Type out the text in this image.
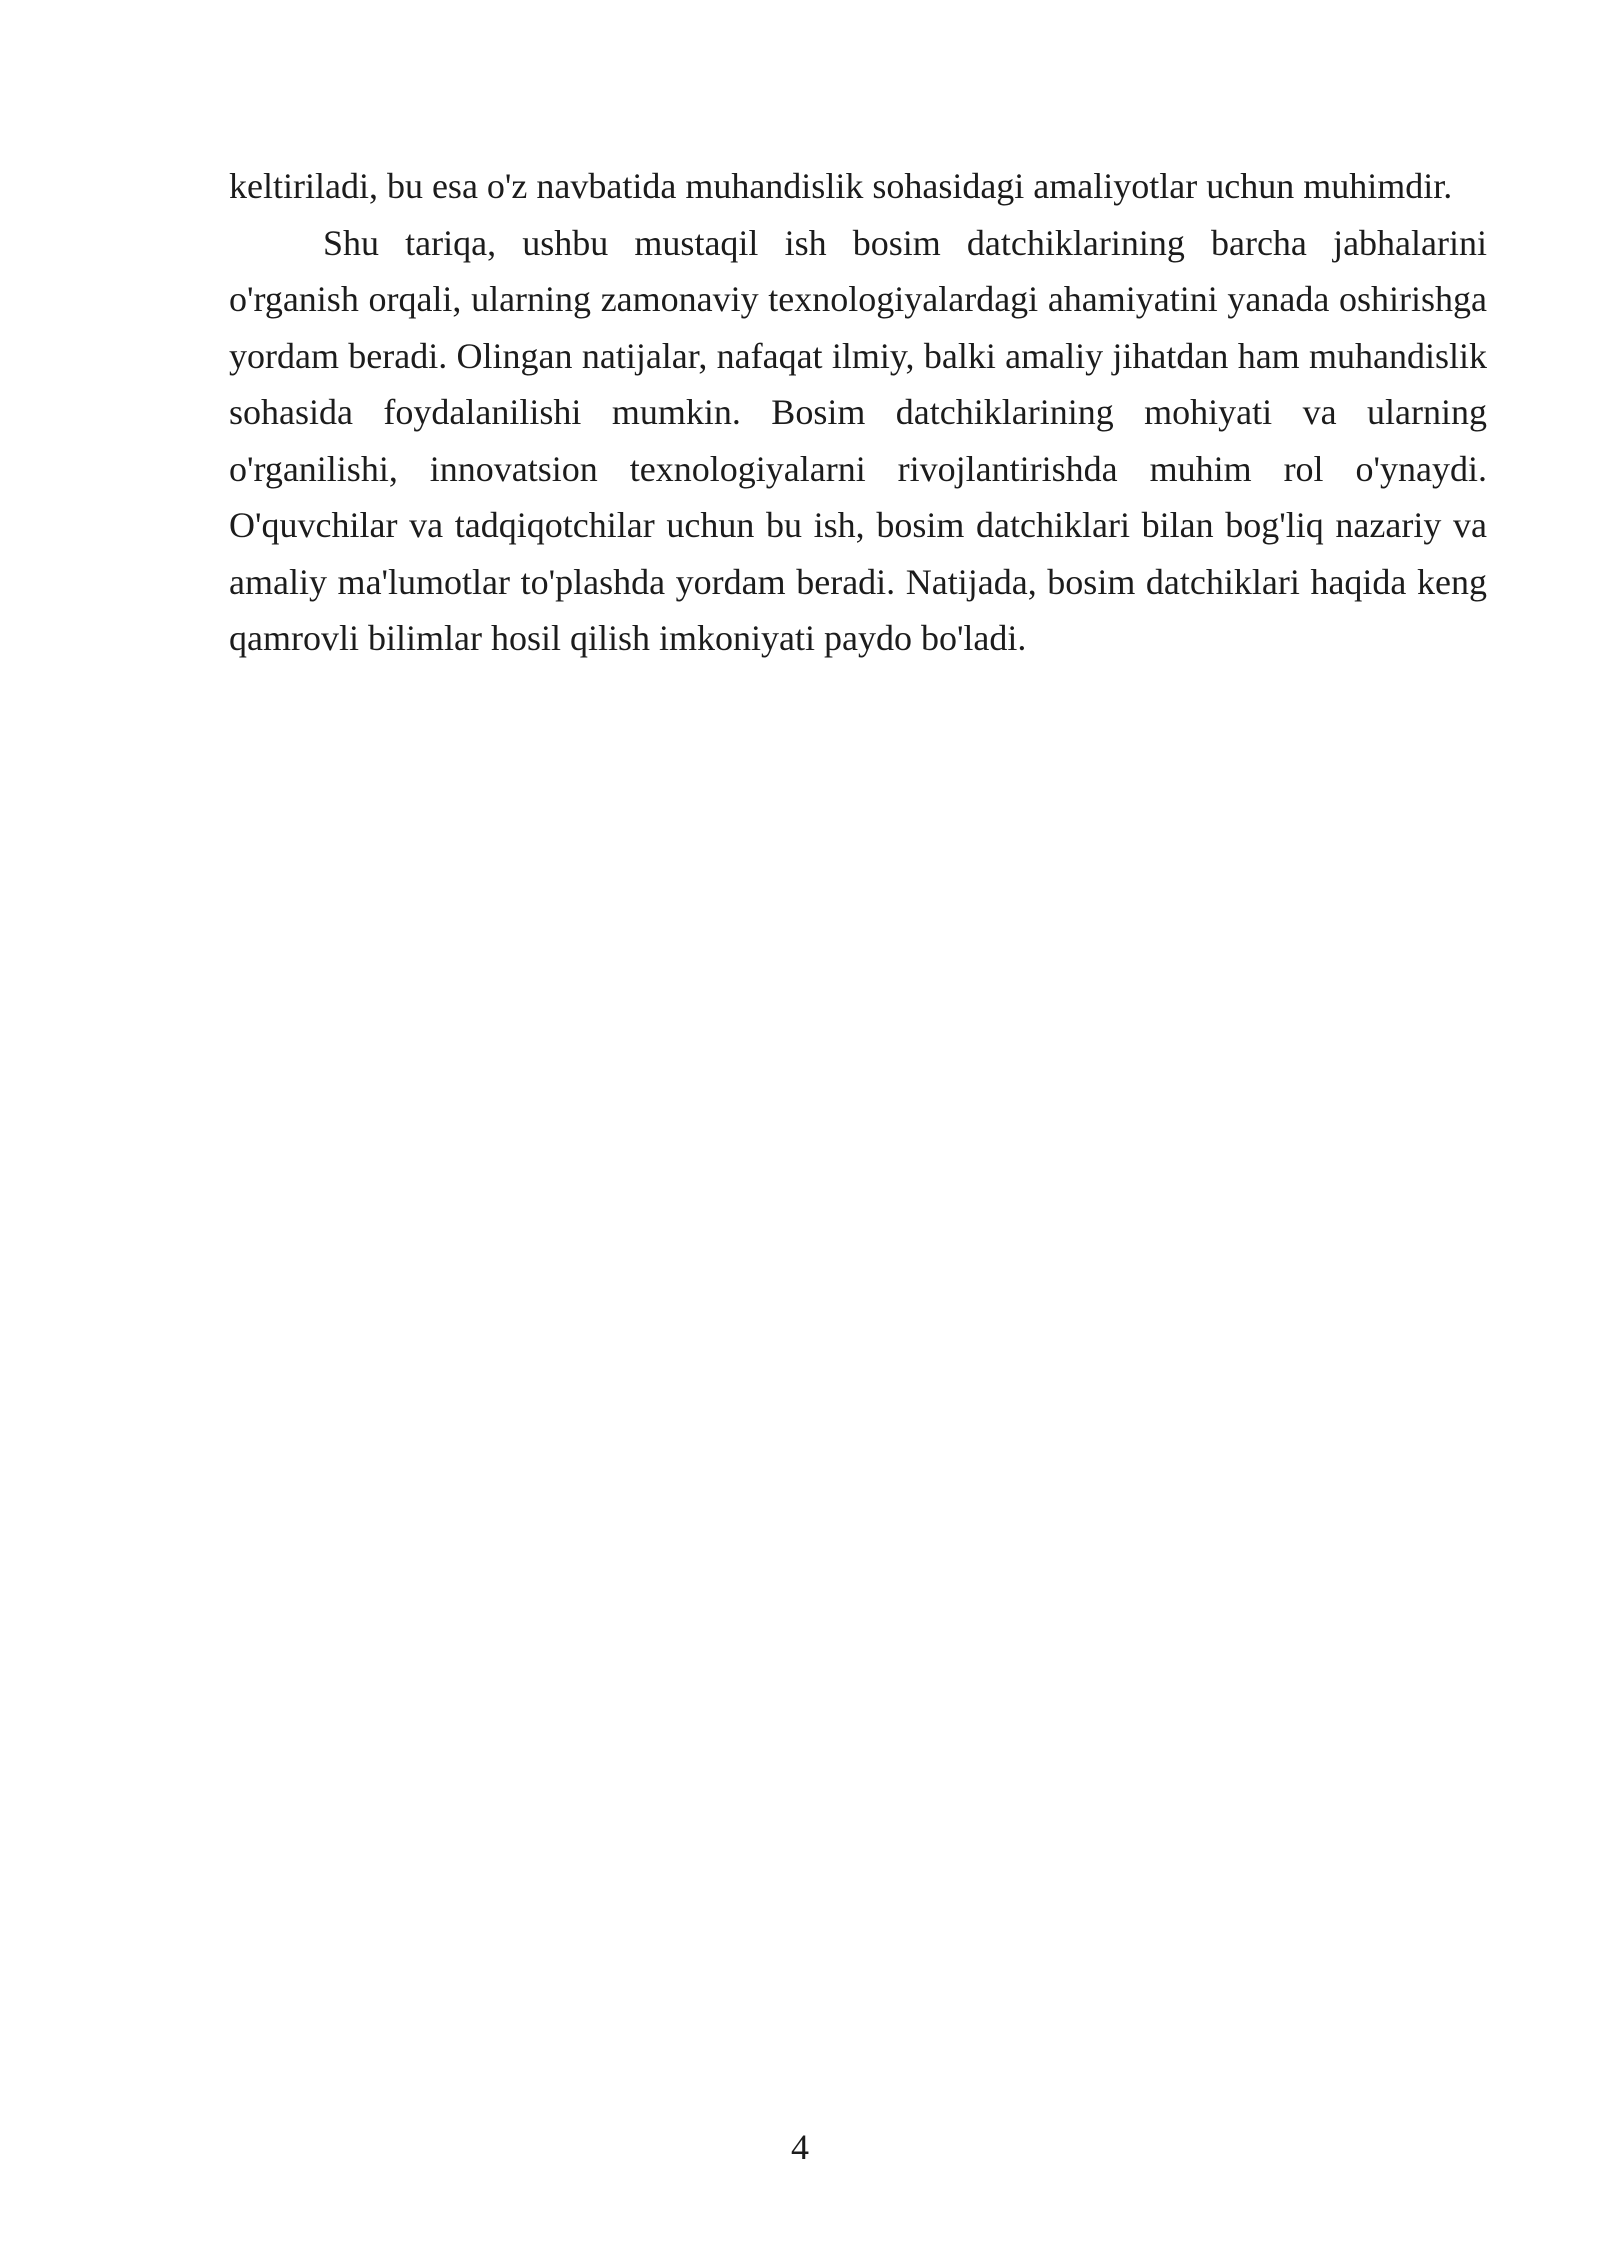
keltiriladi, bu esa o'z navbatida muhandislik sohasidagi amaliyotlar uchun muhimdir.

Shu tariqa, ushbu mustaqil ish bosim datchiklarining barcha jabhalarini o'rganish orqali, ularning zamonaviy texnologiyalardagi ahamiyatini yanada oshirishga yordam beradi. Olingan natijalar, nafaqat ilmiy, balki amaliy jihatdan ham muhandislik sohasida foydalanilishi mumkin. Bosim datchiklarining mohiyati va ularning o'rganilishi, innovatsion texnologiyalarni rivojlantirishda muhim rol o'ynaydi. O'quvchilar va tadqiqotchilar uchun bu ish, bosim datchiklari bilan bog'liq nazariy va amaliy ma'lumotlar to'plashda yordam beradi. Natijada, bosim datchiklari haqida keng qamrovli bilimlar hosil qilish imkoniyati paydo bo'ladi.

4
